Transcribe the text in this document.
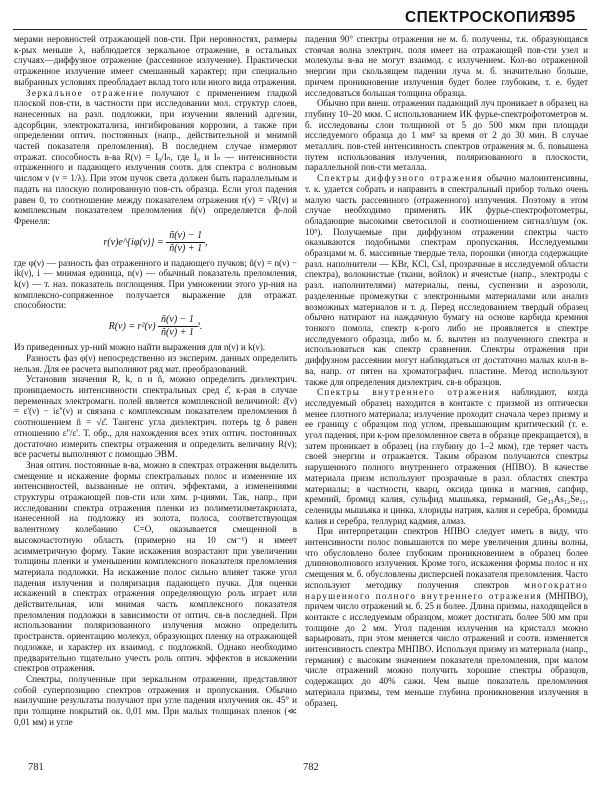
СПЕКТРОСКОПИЯ
395

мерами неровностей отражающей пов-сти. При неровностях, размеры к-рых меньше λ, наблюдается зеркальное отражение, в остальных случаях—диффузное отражение (рассеянное излучение). Практически отраженное излучение имеет смешанный характер; при специально выбранных условиях преобладает вклад того или иного вида отражения.

Зеркальное отражение получают с применением гладкой плоской пов-сти, в частности при исследовании мол. структур слоев, нанесенных на разл. подложки, при изучении явлений адгезии, адсорбции, электрокатализа, ингибирования коррозии, а также при определении оптич. постоянных (напр., действительной и мнимой частей показателя преломления). В последнем случае измеряют отражат. способность в-ва R(ν) = I₀/Iₙ, где I₀ и Iₙ — интенсивности отраженного и падающего излучения соотв. для спектра с волновым числом ν (ν = 1/λ). При этом пучок света должен быть параллельным и падать на плоскую полированную пов-сть образца. Если угол падения равен 0, то соотношение между показателем отражения r(ν) = √R(ν) и комплексным показателем преломления ñ(ν) определяется ф-лой Френеля:

r(ν)e^{iφ(ν)} = $\frac{ñ(\nu) - 1}{ñ(\nu) + 1}$ ,

где φ(ν) — разность фаз отраженного и падающего пучков; ñ(ν) = n(ν) − ik(ν), i — мнимая единица, n(ν) — обычный показатель преломления, k(ν) — т. наз. показатель поглощения. При умножении этого ур-ния на комплексно-сопряженное получается выражение для отражат. способности:

$R(\nu) = r^2(\nu) \frac{ñ(\nu) - 1}{ñ(\nu) + 1} ^2$.

Из приведенных ур-ний можно найти выражения для n(ν) и k(ν).

Разность фаз φ(ν) непосредственно из эксперим. данных определить нельзя. Для ее расчета выполняют ряд мат. преобразований.

Установив значения R, k, n и ñ, можно определить диэлектрич. проницаемость интенсивности спектральных сред ε̂, к-рая в случае переменных электромагн. полей является комплексной величиной: ε̂(ν) = ε'(ν) − iε''(ν) и связана с комплексным показателем преломления ñ соотношением ñ = √ε̂. Тангенс угла диэлектрич. потерь tg δ равен отношению ε''/ε'. Т. обр., для нахождения всех этих оптич. постоянных достаточно измерить спектры отражения и определить величину R(ν); все расчеты выполняют с помощью ЭВМ.

Зная оптич. постоянные в-ва, можно в спектрах отражения выделить смещение и искажение формы спектральных полос и изменение их интенсивностей, вызванные не оптич. эффектами, а изменениями структуры отражающей пов-сти или хим. р-циями. Так, напр., при исследовании спектра отражения пленки из полиметилметакрилата, нанесенной на подложку из золота, полоса, соответствующая валентному колебанию C=O, оказывается смещенной в высокочастотную область (примерно на 10 см⁻¹) и имеет асимметричную форму. Такие искажения возрастают при увеличении толщины пленки и уменьшении комплексного показателя преломления материала подложки. На искажение полос сильно влияет также угол падения излучения и поляризация падающего пучка. Для оценки искажений в спектрах отражения определяющую роль играет или действительная, или мнимая часть комплексного показателя преломления подложки в зависимости от оптич. св-в последней. При использовании поляризованного излучения можно определить пространств. ориентацию молекул, образующих пленку на отражающей подложке, и характер их взаимод. с подложкой. Однако необходимо предварительно тщательно учесть роль оптич. эффектов в искажении спектров отражения.

Спектры, полученные при зеркальном отражении, представляют собой суперпозицию спектров отражения и пропускания. Обычно наилучшие результаты получают при угле падения излучения ок. 45° и при толщине покрытий ок. 0,01 мм. При малых толщинах пленок (≪ 0,01 мм) и угле

падения 90° спектры отражения не м. б. получены, т.к. образующаяся стоячая волна электрич. поля имеет на отражающей пов-сти узел и молекулы в-ва не могут взаимод. с излучением. Кол-во отраженной энергии при скользящем падении луча м. б. значительно больше, причем проникновение излучения будет более глубоким, т. е. будет исследоваться большая толщина образца.

Обычно при внеш. отражении падающий луч проникает в образец на глубину 10–20 мкм. С использованием ИК фурье-спектрофотометров м. б. исследованы слои толщиной от 5 до 500 мкм при площади исследуемого образца до 1 мм² за время от 2 до 30 мин. В случае металлич. пов-стей интенсивность спектров отражения м. б. повышена путем использования излучения, поляризованного в плоскости, параллельной пов-сти металла.

Спектры диффузного отражения обычно малоинтенсивны, т. к. удается собрать и направить в спектральный прибор только очень малую часть рассеянного (отраженного) излучения. Поэтому в этом случае необходимо применять ИК фурье-спектрофотометры, обладающие высокими светосилой и соотношением сигнал/шум (ок. 10⁵). Получаемые при диффузном отражении спектры часто оказываются подобными спектрам пропускания. Исследуемыми образцами м. б. массивные твердые тела, порошки (иногда содержащие разл. наполнители — KBr, KCl, CsI, прозрачные в исследуемой области спектра), волокнистые (ткани, войлок) и ячеистые (напр., электроды с разл. наполнителями) материалы, пены, суспензии и аэрозоли, разделенные промежутки с электронными материалами или анализ возможных материалов и т. д. Перед исследованием твердый образец обычно натирают на наждачную бумагу на основе карбида кремния тонкого помола, спектр к-рого либо не проявляется в спектре исследуемого образца, либо м. б. вычтен из полученного спектра и использоваться как спектр сравнения. Спектры отражения при диффузном рассеянии могут наблюдаться от достаточно малых кол-в в-ва, напр. от пятен на хроматографич. пластине. Метод используют также для определения диэлектрич. св-в образцов.

Спектры внутреннего отражения наблюдают, когда исследуемый образец находится в контакте с призмой из оптически менее плотного материала; излучение проходит сначала через призму и ее границу с образцом под углом, превышающим критический (т. е. угол падения, при к-ром преломленное света в образце прекращается), в затем проникает в образец (на глубину до 1–2 мкм), где теряет часть своей энергии и отражается. Таким образом получаются спектры нарушенного полного внутреннего отражения (НПВО). В качестве материала призм используют прозрачные в разл. областях спектра материалы; в частности, кварц, оксида цинка и магния, сапфир, кремний, бромид калия, сульфид мышьяка, германий, Ge₃₃As₁₂Se₅₅, селениды мышьяка и цинка, хлориды натрия, калия и серебра, бромиды калия и серебра, теллурид кадмия, алмаз.

При интерпретации спектров НПВО следует иметь в виду, что интенсивности полос повышаются по мере увеличения длины волны, что обусловлено более глубоким проникновением в образец более длинноволнового излучения. Кроме того, искажения формы полос и их смещения м. б. обусловлены дисперсией показателя преломления. Часто используют методику получения спектров многократно нарушенного полного внутреннего отражения (МНПВО), причем число отражений м. б. 25 и более. Длина призмы, находящейся в контакте с исследуемым образцом, может достигать более 500 мм при толщине до 2 мм. Угол падения излучения на кристалл можно варьировать, при этом меняется число отражений и соотв. изменяется интенсивность спектра МНПВО. Используя призму из материала (напр., германия) с высоким значением показателя преломления, при малом числе отражений можно получить хорошие спектры образцов, содержащих до 40% сажи. Чем выше показатель преломления материала призмы, тем меньше глубина проникновения излучения в образец.

781	782
